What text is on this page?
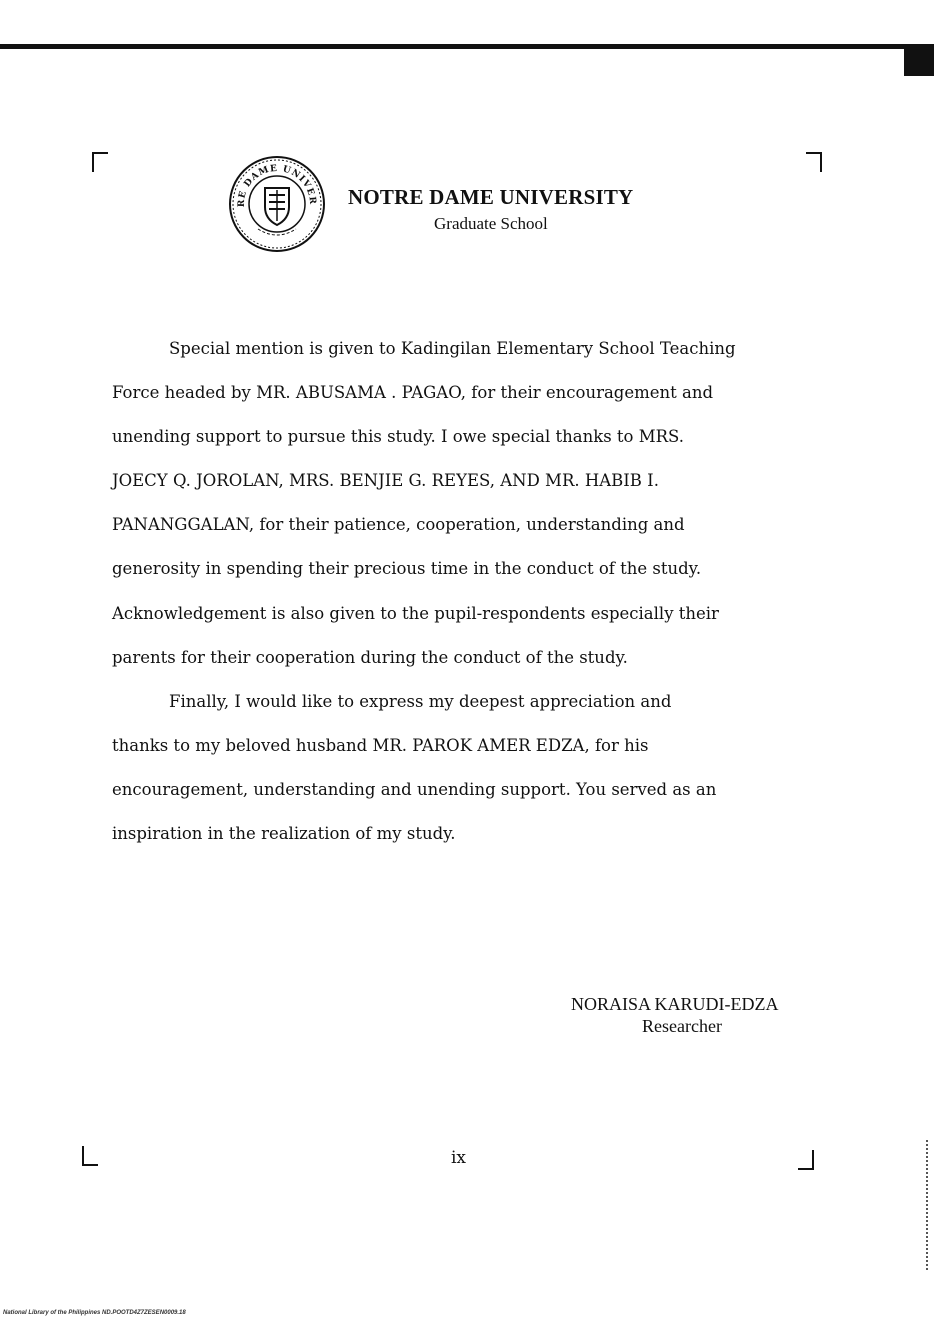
RE DAME UNIVER NOTRE DAME UNIVERSITY
Graduate School

Special mention is given to Kadingilan Elementary School Teaching
Force headed by MR. ABUSAMA . PAGAO, for their encouragement and
unending support to pursue this study. I owe special thanks to MRS.
JOECY Q. JOROLAN, MRS. BENJIE G. REYES, AND MR. HABIB I.
PANANGGALAN, for their patience, cooperation, understanding and
generosity in spending their precious time in the conduct of the study.
Acknowledgement is also given to the pupil-respondents especially their
parents for their cooperation during the conduct of the study.

Finally, I would like to express my deepest appreciation and
thanks to my beloved husband MR. PAROK AMER EDZA, for his
encouragement, understanding and unending support. You served as an
inspiration in the realization of my study.

NORAISA KARUDI-EDZA
Researcher
ix
National Library of the Philippines ND.POOTD4Z7ZESEN0009.18
